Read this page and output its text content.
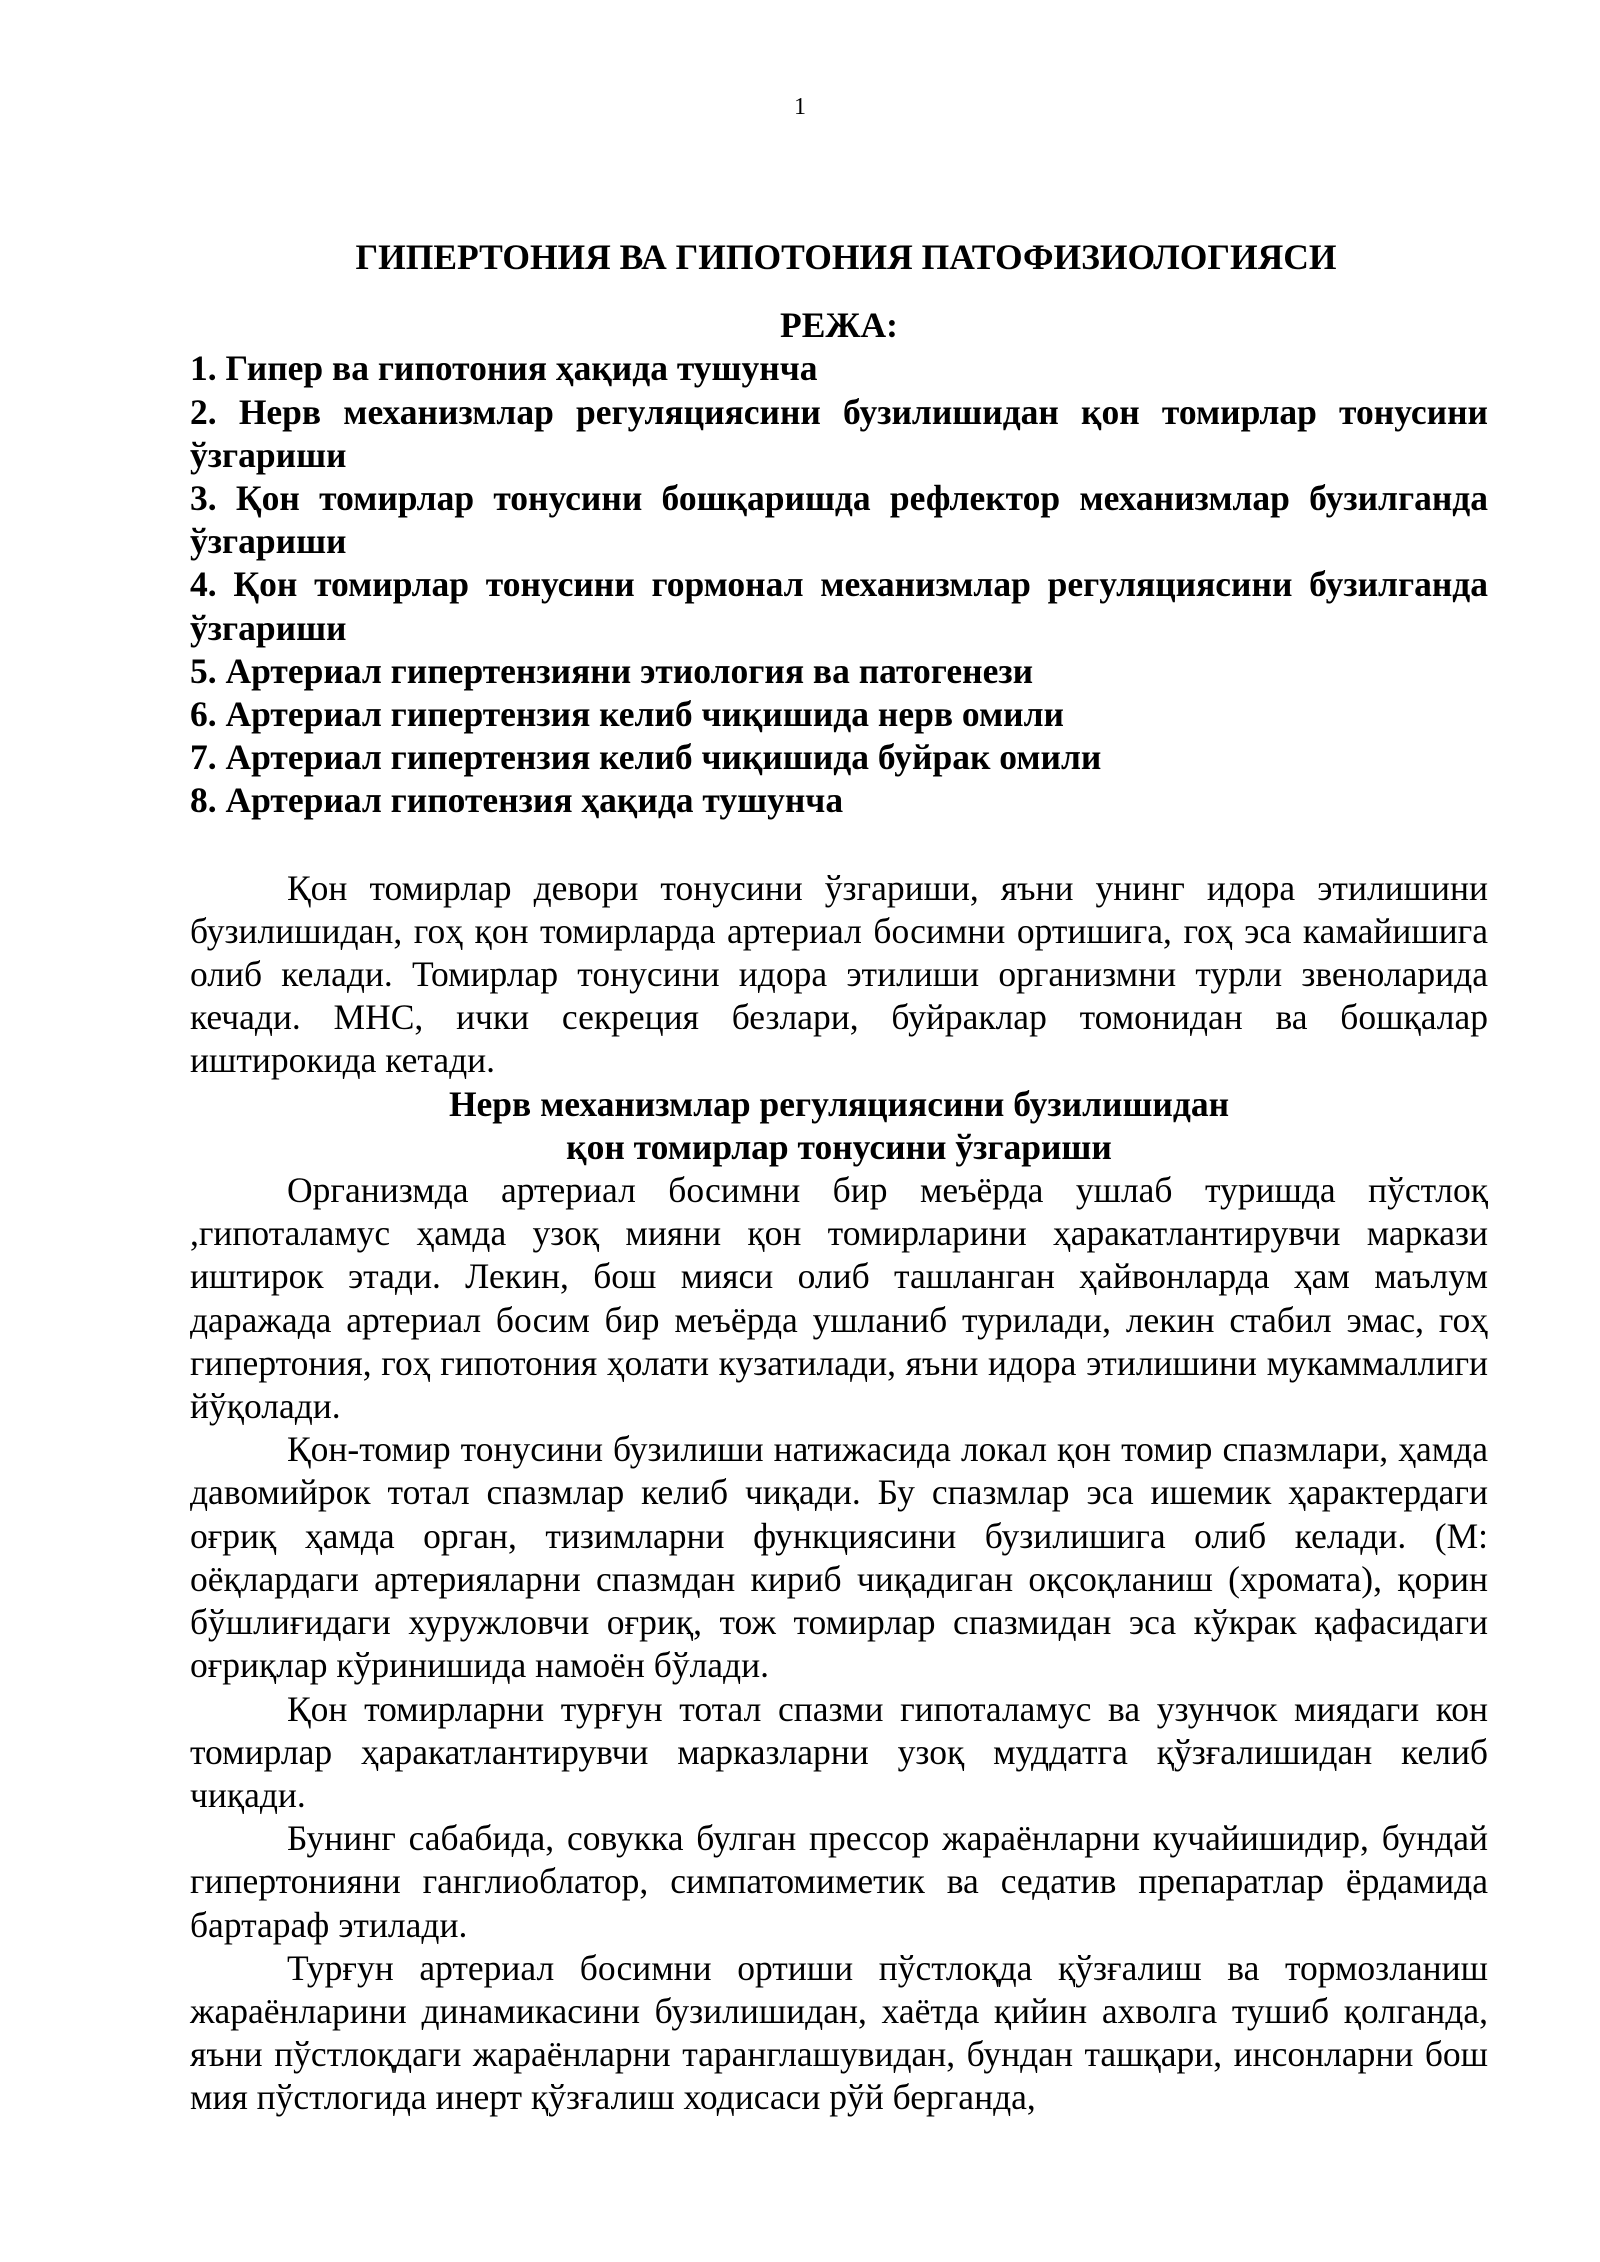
1
ГИПЕРТОНИЯ ВА ГИПОТОНИЯ ПАТОФИЗИОЛОГИЯСИ
РЕЖА:
1. Гипер ва гипотония ҳақида тушунча
2. Нерв механизмлар регуляциясини бузилишидан қон томирлар тонусини ўзгариши
3. Қон томирлар тонусини бошқаришда рефлектор механизмлар бузилганда ўзгариши
4. Қон томирлар тонусини гормонал механизмлар регуляциясини бузилганда ўзгариши
5. Артериал гипертензияни этиология ва патогенези
6. Артериал гипертензия келиб чиқишида нерв омили
7. Артериал гипертензия келиб чиқишида буйрак омили
8. Артериал гипотензия ҳақида тушунча

Қон томирлар девори тонусини ўзгариши, яъни унинг идора этилишини бузилишидан, гоҳ қон томирларда артериал босимни ортишига, гоҳ эса камайишига олиб келади. Томирлар тонусини идора этилиши организмни турли звеноларида кечади. МНС, ички секреция безлари, буйраклар томонидан ва бошқалар иштирокида кетади.

Нерв механизмлар регуляциясини бузилишидан
қон томирлар тонусини ўзгариши

Организмда артериал босимни бир меъёрда ушлаб туришда пўстлоқ ,гипоталамус ҳамда узоқ мияни қон томирларини ҳаракатлантирувчи маркази иштирок этади. Лекин, бош мияси олиб ташланган ҳайвонларда ҳам маълум даражада артериал босим бир меъёрда ушланиб турилади, лекин стабил эмас, гоҳ гипертония, гоҳ гипотония ҳолати кузатилади, яъни идора этилишини мукаммаллиги йўқолади.

Қон-томир тонусини бузилиши натижасида локал қон томир спазмлари, ҳамда давомийрок тотал спазмлар келиб чиқади. Бу спазмлар эса ишемик ҳарактердаги оғриқ ҳамда орган, тизимларни функциясини бузилишига олиб келади. (М: оёқлардаги артерияларни спазмдан кириб чиқадиган оқсоқланиш (хромата), қорин бўшлиғидаги хуружловчи оғриқ, тож томирлар спазмидан эса кўкрак қафасидаги оғриқлар кўринишида намоён бўлади.

Қон томирларни турғун тотал спазми гипоталамус ва узунчок миядаги кон томирлар ҳаракатлантирувчи марказларни узоқ муддатга қўзғалишидан келиб чиқади.

Бунинг сабабида, совукка булган прессор жараёнларни кучайишидир, бундай гипертонияни ганглиоблатор, симпатомиметик ва седатив препаратлар ёрдамида бартараф этилади.

Турғун артериал босимни ортиши пўстлоқда қўзғалиш ва тормозланиш жараёнларини динамикасини бузилишидан, хаётда қийин ахволга тушиб қолганда, яъни пўстлоқдаги жараёнларни таранглашувидан, бундан ташқари, инсонларни бош мия пўстлогида инерт қўзғалиш ходисаси рўй берганда,
